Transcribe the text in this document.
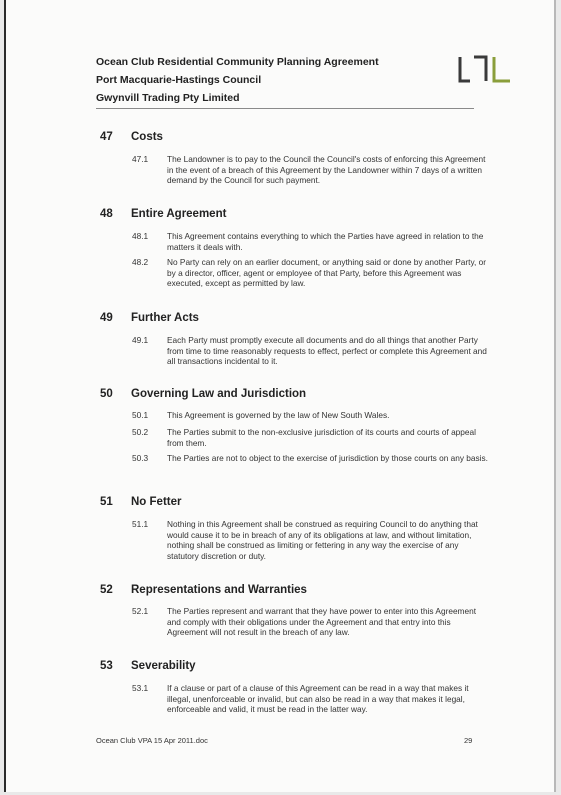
Ocean Club Residential Community Planning Agreement
Port Macquarie-Hastings Council
Gwynvill Trading Pty Limited
47 Costs
47.1 The Landowner is to pay to the Council the Council's costs of enforcing this Agreement in the event of a breach of this Agreement by the Landowner within 7 days of a written demand by the Council for such payment.
48 Entire Agreement
48.1 This Agreement contains everything to which the Parties have agreed in relation to the matters it deals with.
48.2 No Party can rely on an earlier document, or anything said or done by another Party, or by a director, officer, agent or employee of that Party, before this Agreement was executed, except as permitted by law.
49 Further Acts
49.1 Each Party must promptly execute all documents and do all things that another Party from time to time reasonably requests to effect, perfect or complete this Agreement and all transactions incidental to it.
50 Governing Law and Jurisdiction
50.1 This Agreement is governed by the law of New South Wales.
50.2 The Parties submit to the non-exclusive jurisdiction of its courts and courts of appeal from them.
50.3 The Parties are not to object to the exercise of jurisdiction by those courts on any basis.
51 No Fetter
51.1 Nothing in this Agreement shall be construed as requiring Council to do anything that would cause it to be in breach of any of its obligations at law, and without limitation, nothing shall be construed as limiting or fettering in any way the exercise of any statutory discretion or duty.
52 Representations and Warranties
52.1 The Parties represent and warrant that they have power to enter into this Agreement and comply with their obligations under the Agreement and that entry into this Agreement will not result in the breach of any law.
53 Severability
53.1 If a clause or part of a clause of this Agreement can be read in a way that makes it illegal, unenforceable or invalid, but can also be read in a way that makes it legal, enforceable and valid, it must be read in the latter way.
Ocean Club VPA 15 Apr 2011.doc	29
